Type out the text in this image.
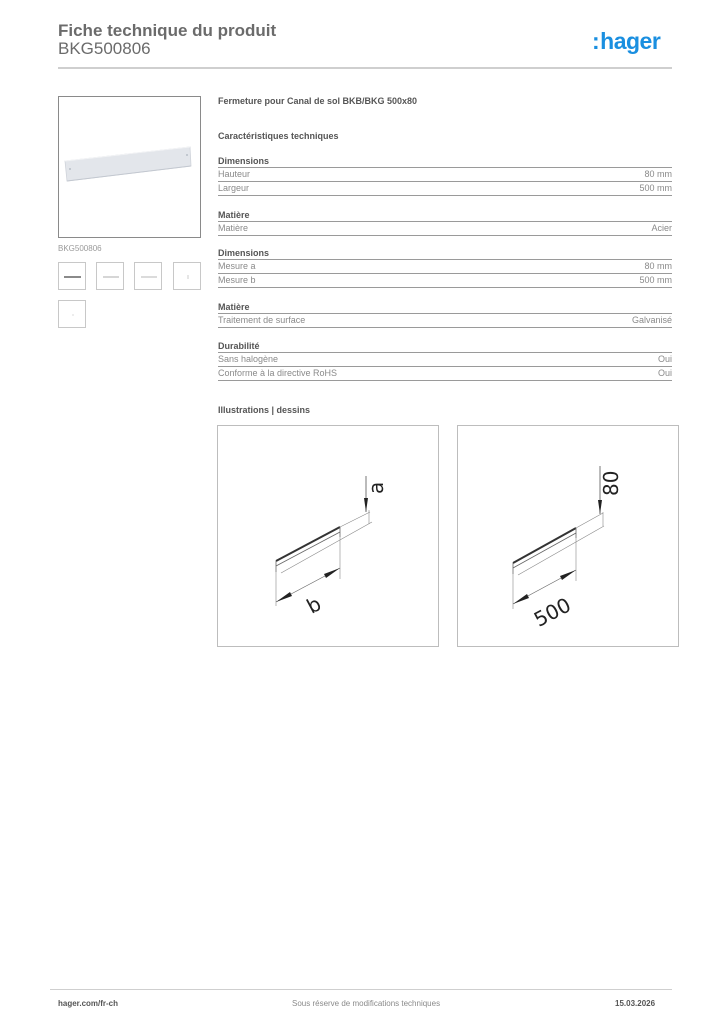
Fiche technique du produit
BKG500806	:hager
BKG500806
Fermeture pour Canal de sol BKB/BKG 500x80
Caractéristiques techniques
Dimensions
Hauteur	80 mm
Largeur	500 mm
Matière
Matière	Acier
Dimensions
Mesure a	80 mm
Mesure b	500 mm
Matière
Traitement de surface	Galvanisé
Durabilité
Sans halogène	Oui
Conforme à la directive RoHS	Oui
Illustrations | dessins
a
b
80
500
hager.com/fr-ch	Sous réserve de modifications techniques	15.03.2026
